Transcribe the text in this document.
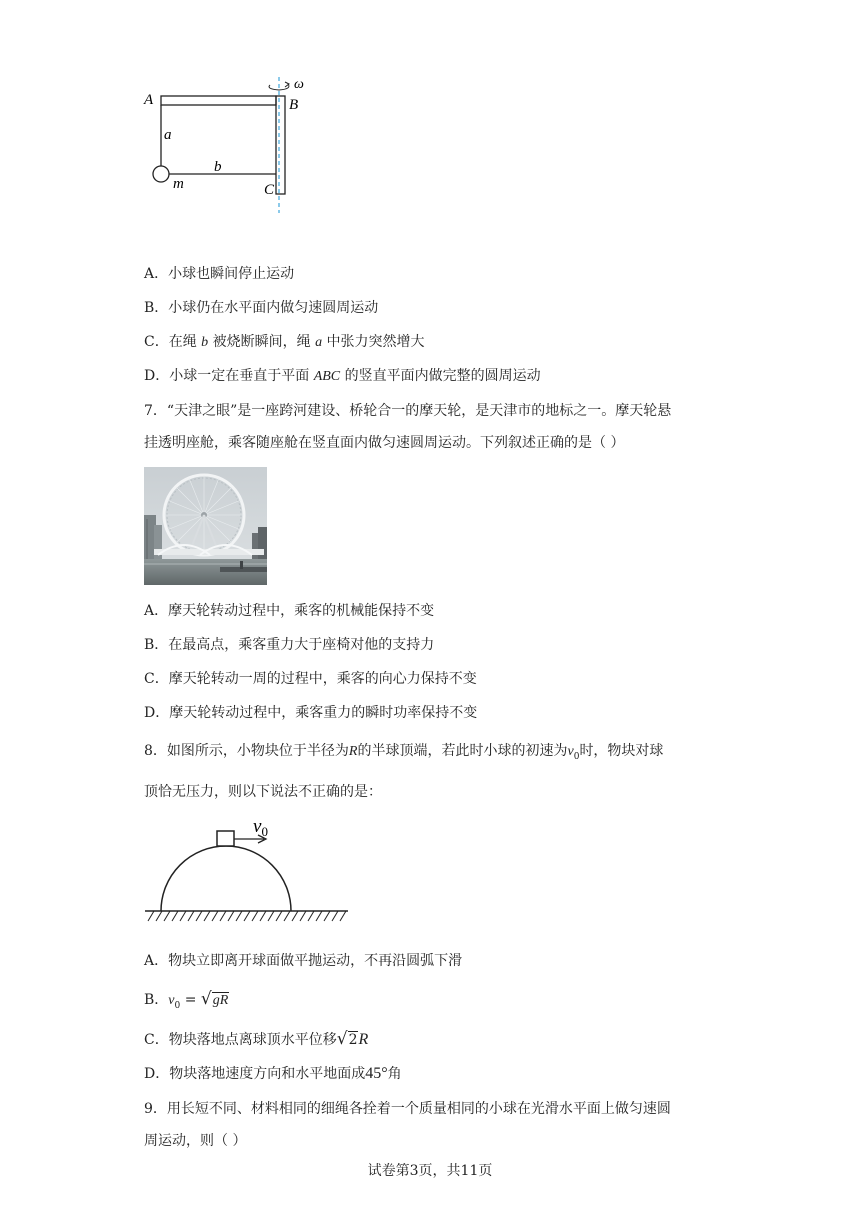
A	B
C
a
b
m
ω
A．小球也瞬间停止运动
B．小球仍在水平面内做匀速圆周运动
C．在绳 b 被烧断瞬间，绳 a 中张力突然增大
D．小球一定在垂直于平面 ABC 的竖直平面内做完整的圆周运动
7．“天津之眼”是一座跨河建设、桥轮合一的摩天轮，是天津市的地标之一。摩天轮悬
挂透明座舱，乘客随座舱在竖直面内做匀速圆周运动。下列叙述正确的是（ ）
A．摩天轮转动过程中，乘客的机械能保持不变
B．在最高点，乘客重力大于座椅对他的支持力
C．摩天轮转动一周的过程中，乘客的向心力保持不变
D．摩天轮转动过程中，乘客重力的瞬时功率保持不变
8．如图所示，小物块位于半径为R的半球顶端，若此时小球的初速为$v_0$时，物块对球
顶恰无压力，则以下说法不正确的是：
$v_0$
A．物块立即离开球面做平抛运动，不再沿圆弧下滑
B．$v_0 = √gR$
C．物块落地点离球顶水平位移√2R
D．物块落地速度方向和水平地面成45°角
9．用长短不同、材料相同的细绳各拴着一个质量相同的小球在光滑水平面上做匀速圆
周运动，则（ ）
试卷第3页，共11页
